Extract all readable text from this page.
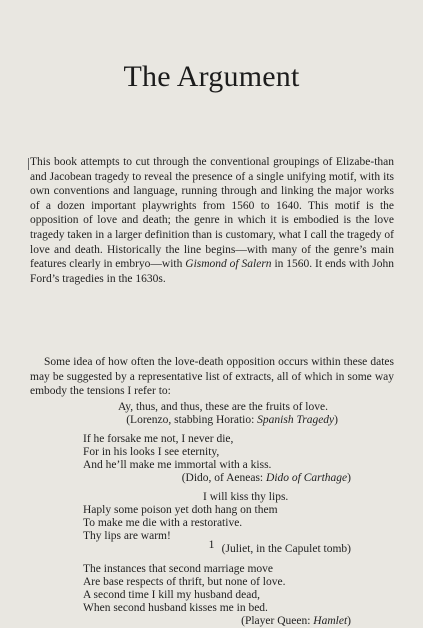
The Argument

This book attempts to cut through the conventional groupings of Elizabe-than and Jacobean tragedy to reveal the presence of a single unifying motif, with its own conventions and language, running through and linking the major works of a dozen important playwrights from 1560 to 1640. This motif is the opposition of love and death; the genre in which it is embodied is the love tragedy taken in a larger definition than is customary, what I call the tragedy of love and death. Historically the line begins—with many of the genre’s main features clearly in embryo—with Gismond of Salern in 1560. It ends with John Ford’s tragedies in the 1630s.

Some idea of how often the love-death opposition occurs within these dates may be suggested by a representative list of extracts, all of which in some way embody the tensions I refer to:

Ay, thus, and thus, these are the fruits of love.

(Lorenzo, stabbing Horatio: Spanish Tragedy)

If he forsake me not, I never die,

For in his looks I see eternity,

And he’ll make me immortal with a kiss.

(Dido, of Aeneas: Dido of Carthage)

I will kiss thy lips.

Haply some poison yet doth hang on them

To make me die with a restorative.

Thy lips are warm!

(Juliet, in the Capulet tomb)

The instances that second marriage move

Are base respects of thrift, but none of love.

A second time I kill my husband dead,

When second husband kisses me in bed.

(Player Queen: Hamlet)

1
